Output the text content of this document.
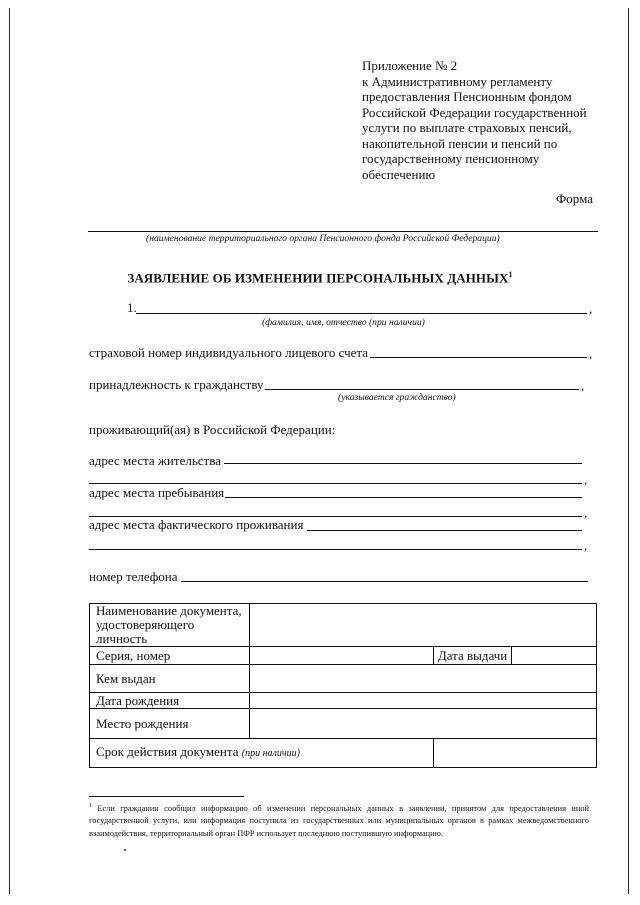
Приложение № 2
к Административному регламенту
предоставления Пенсионным фондом
Российской Федерации государственной
услуги по выплате страховых пенсий,
накопительной пенсии и пенсий по
государственному пенсионному
обеспечению
Форма
(наименование территориального органа Пенсионного фонда Российской Федерации)
ЗАЯВЛЕНИЕ ОБ ИЗМЕНЕНИИ ПЕРСОНАЛЬНЫХ ДАННЫХ$^1$
1.	,
(фамилия, имя, отчество (при наличии)
страховой номер индивидуального лицевого счета	,
принадлежность к гражданству	,
(указывается гражданство)
проживающий(ая) в Российской Федерации:
адрес места жительства
,
адрес места пребывания
,
адрес места фактического проживания
,
номер телефона
Наименование документа, удостоверяющего личность			
Серия, номер		Дата выдачи	
Кем выдан			
Дата рождения			
Место рождения			
Срок действия документа (при наличии)			
$^1$ Если гражданин сообщил информацию об изменении персональных данных в заявлении, принятом для предоставления иной государственной услуги, или информация поступила из государственных или муниципальных органов в рамках межведомственного взаимодействия, территориальный орган ПФР использует последнюю поступившую информацию.
